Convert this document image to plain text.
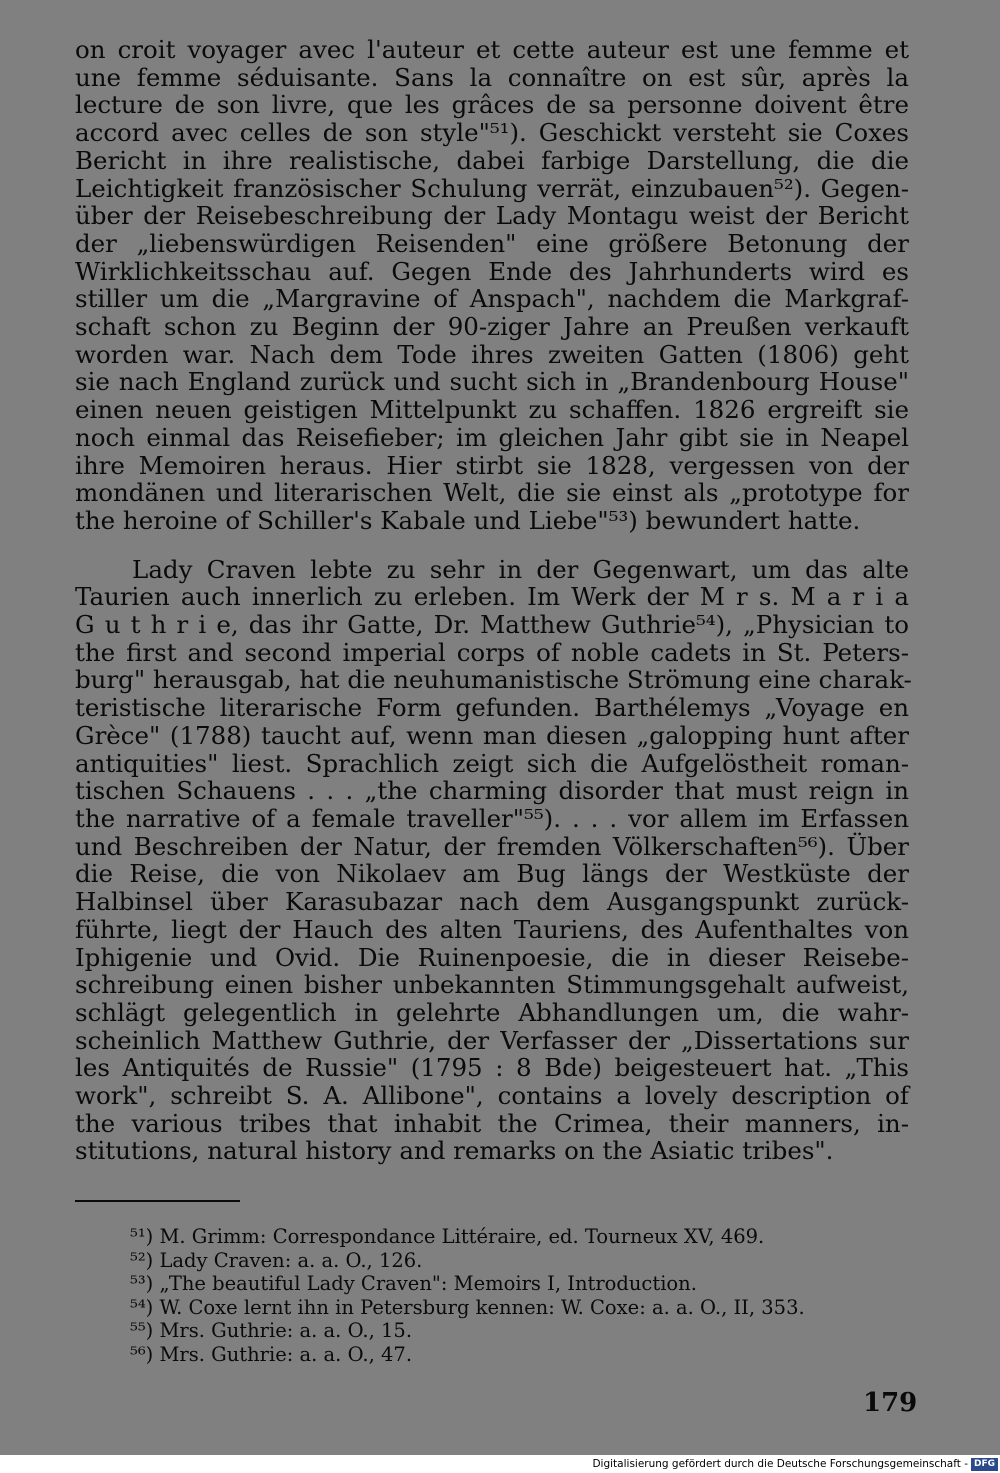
on croit voyager avec l'auteur et cette auteur est une femme et
une femme séduisante. Sans la connaître on est sûr, après la
lecture de son livre, que les grâces de sa personne doivent être
accord avec celles de son style"⁵¹). Geschickt versteht sie Coxes
Bericht in ihre realistische, dabei farbige Darstellung, die die
Leichtigkeit französischer Schulung verrät, einzubauen⁵²). Gegen-
über der Reisebeschreibung der Lady Montagu weist der Bericht
der „liebenswürdigen Reisenden" eine größere Betonung der
Wirklichkeitsschau auf. Gegen Ende des Jahrhunderts wird es
stiller um die „Margravine of Anspach", nachdem die Markgraf-
schaft schon zu Beginn der 90-ziger Jahre an Preußen verkauft
worden war. Nach dem Tode ihres zweiten Gatten (1806) geht
sie nach England zurück und sucht sich in „Brandenbourg House"
einen neuen geistigen Mittelpunkt zu schaffen. 1826 ergreift sie
noch einmal das Reisefieber; im gleichen Jahr gibt sie in Neapel
ihre Memoiren heraus. Hier stirbt sie 1828, vergessen von der
mondänen und literarischen Welt, die sie einst als „prototype for
the heroine of Schiller's Kabale und Liebe"⁵³) bewundert hatte.
Lady Craven lebte zu sehr in der Gegenwart, um das alte
Taurien auch innerlich zu erleben. Im Werk der M r s. M a r i a
G u t h r i e, das ihr Gatte, Dr. Matthew Guthrie⁵⁴), „Physician to
the first and second imperial corps of noble cadets in St. Peters-
burg" herausgab, hat die neuhumanistische Strömung eine charak-
teristische literarische Form gefunden. Barthélemys „Voyage en
Grèce" (1788) taucht auf, wenn man diesen „galopping hunt after
antiquities" liest. Sprachlich zeigt sich die Aufgelöstheit roman-
tischen Schauens . . . „the charming disorder that must reign in
the narrative of a female traveller"⁵⁵). . . . vor allem im Erfassen
und Beschreiben der Natur, der fremden Völkerschaften⁵⁶). Über
die Reise, die von Nikolaev am Bug längs der Westküste der
Halbinsel über Karasubazar nach dem Ausgangspunkt zurück-
führte, liegt der Hauch des alten Tauriens, des Aufenthaltes von
Iphigenie und Ovid. Die Ruinenpoesie, die in dieser Reisebe-
schreibung einen bisher unbekannten Stimmungsgehalt aufweist,
schlägt gelegentlich in gelehrte Abhandlungen um, die wahr-
scheinlich Matthew Guthrie, der Verfasser der „Dissertations sur
les Antiquités de Russie" (1795 : 8 Bde) beigesteuert hat. „This
work", schreibt S. A. Allibone", contains a lovely description of
the various tribes that inhabit the Crimea, their manners, in-
stitutions, natural history and remarks on the Asiatic tribes".
⁵¹) M. Grimm: Correspondance Littéraire, ed. Tourneux XV, 469.
⁵²) Lady Craven: a. a. O., 126.
⁵³) „The beautiful Lady Craven": Memoirs I, Introduction.
⁵⁴) W. Coxe lernt ihn in Petersburg kennen: W. Coxe: a. a. O., II, 353.
⁵⁵) Mrs. Guthrie: a. a. O., 15.
⁵⁶) Mrs. Guthrie: a. a. O., 47.
179
Digitalisierung gefördert durch die Deutsche Forschungsgemeinschaft - DFG
